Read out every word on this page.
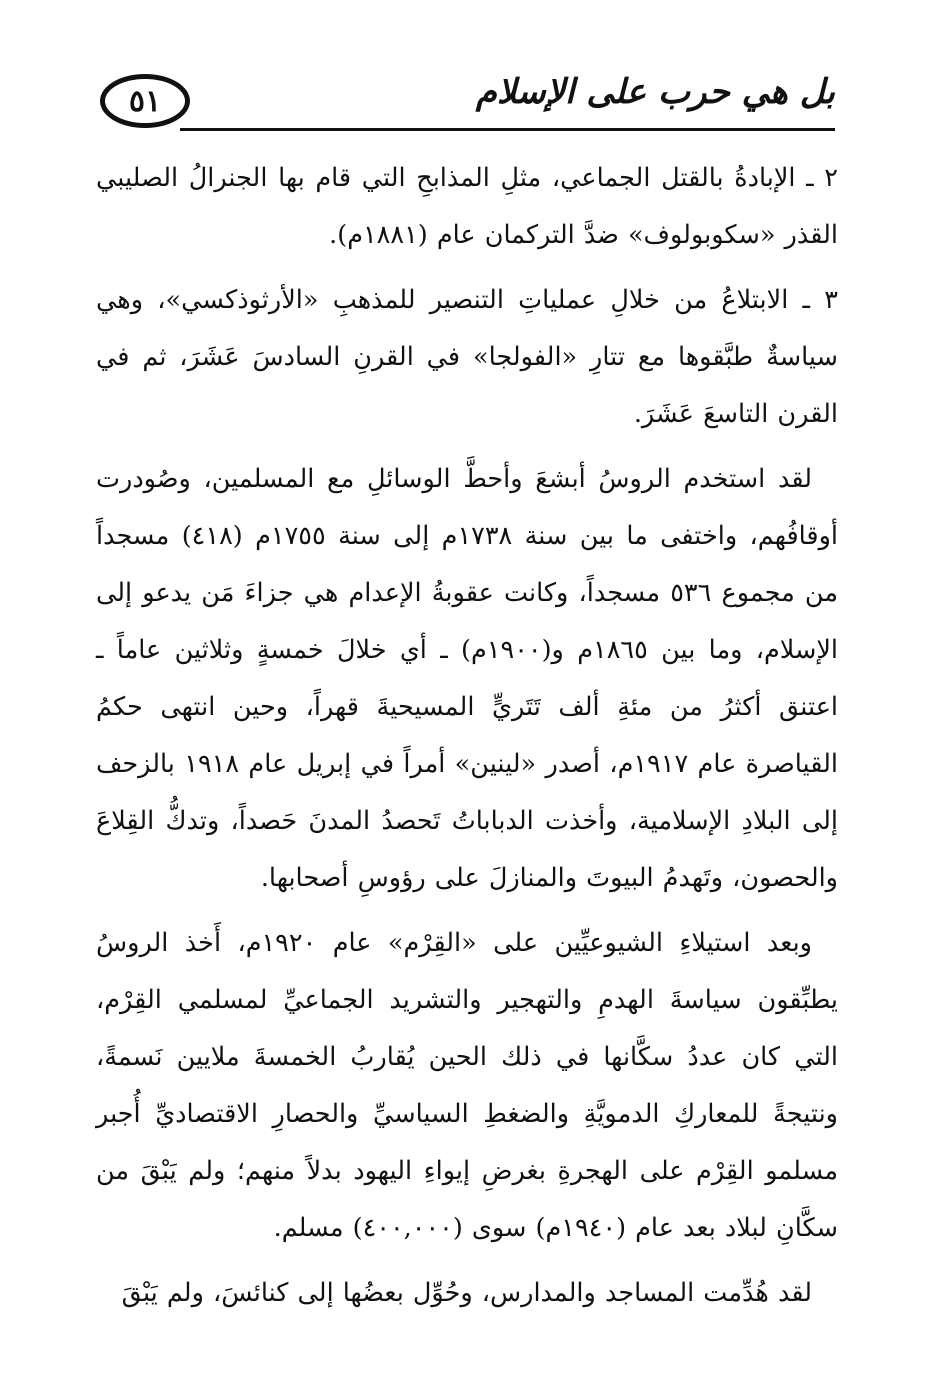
٥١	بل هي حرب على الإسلام

٢ ـ الإبادةُ بالقتل الجماعي، مثلِ المذابحِ التي قام بها الجنرالُ الصليبي القذر «سكوبولوف» ضدَّ التركمان عام (١٨٨١م).

٣ ـ الابتلاعُ من خلالِ عملياتِ التنصير للمذهبِ «الأرثوذكسي»، وهي سياسةٌ طبَّقوها مع تتارِ «الفولجا» في القرنِ السادسَ عَشَرَ، ثم في القرن التاسعَ عَشَرَ.

لقد استخدم الروسُ أبشعَ وأحطَّ الوسائلِ مع المسلمين، وصُودرت أوقافُهم، واختفى ما بين سنة ١٧٣٨م إلى سنة ١٧٥٥م (٤١٨) مسجداً من مجموع ٥٣٦ مسجداً، وكانت عقوبةُ الإعدام هي جزاءَ مَن يدعو إلى الإسلام، وما بين ١٨٦٥م و(١٩٠٠م) ـ أي خلالَ خمسةٍ وثلاثين عاماً ـ اعتنق أكثرُ من مئةِ ألف تَتَريٍّ المسيحيةَ قهراً، وحين انتهى حكمُ القياصرة عام ١٩١٧م، أصدر «لينين» أمراً في إبريل عام ١٩١٨ بالزحف إلى البلادِ الإسلامية، وأخذت الدباباتُ تَحصدُ المدنَ حَصداً، وتدكُّ القِلاعَ والحصون، وتَهدمُ البيوتَ والمنازلَ على رؤوسِ أصحابها.

وبعد استيلاءِ الشيوعيِّين على «القِرْم» عام ١٩٢٠م، أَخذ الروسُ يطبِّقون سياسةَ الهدمِ والتهجير والتشريد الجماعيِّ لمسلمي القِرْم، التي كان عددُ سكَّانها في ذلك الحين يُقاربُ الخمسةَ ملايين نَسمةً، ونتيجةً للمعاركِ الدمويَّةِ والضغطِ السياسيِّ والحصارِ الاقتصاديِّ أُجبر مسلمو القِرْم على الهجرةِ بغرضِ إيواءِ اليهود بدلاً منهم؛ ولم يَبْقَ من سكَّانِ لبلاد بعد عام (١٩٤٠م) سوى (٤٠٠,٠٠٠) مسلم.

لقد هُدِّمت المساجد والمدارس، وحُوِّل بعضُها إلى كنائسَ، ولم يَبْقَ
